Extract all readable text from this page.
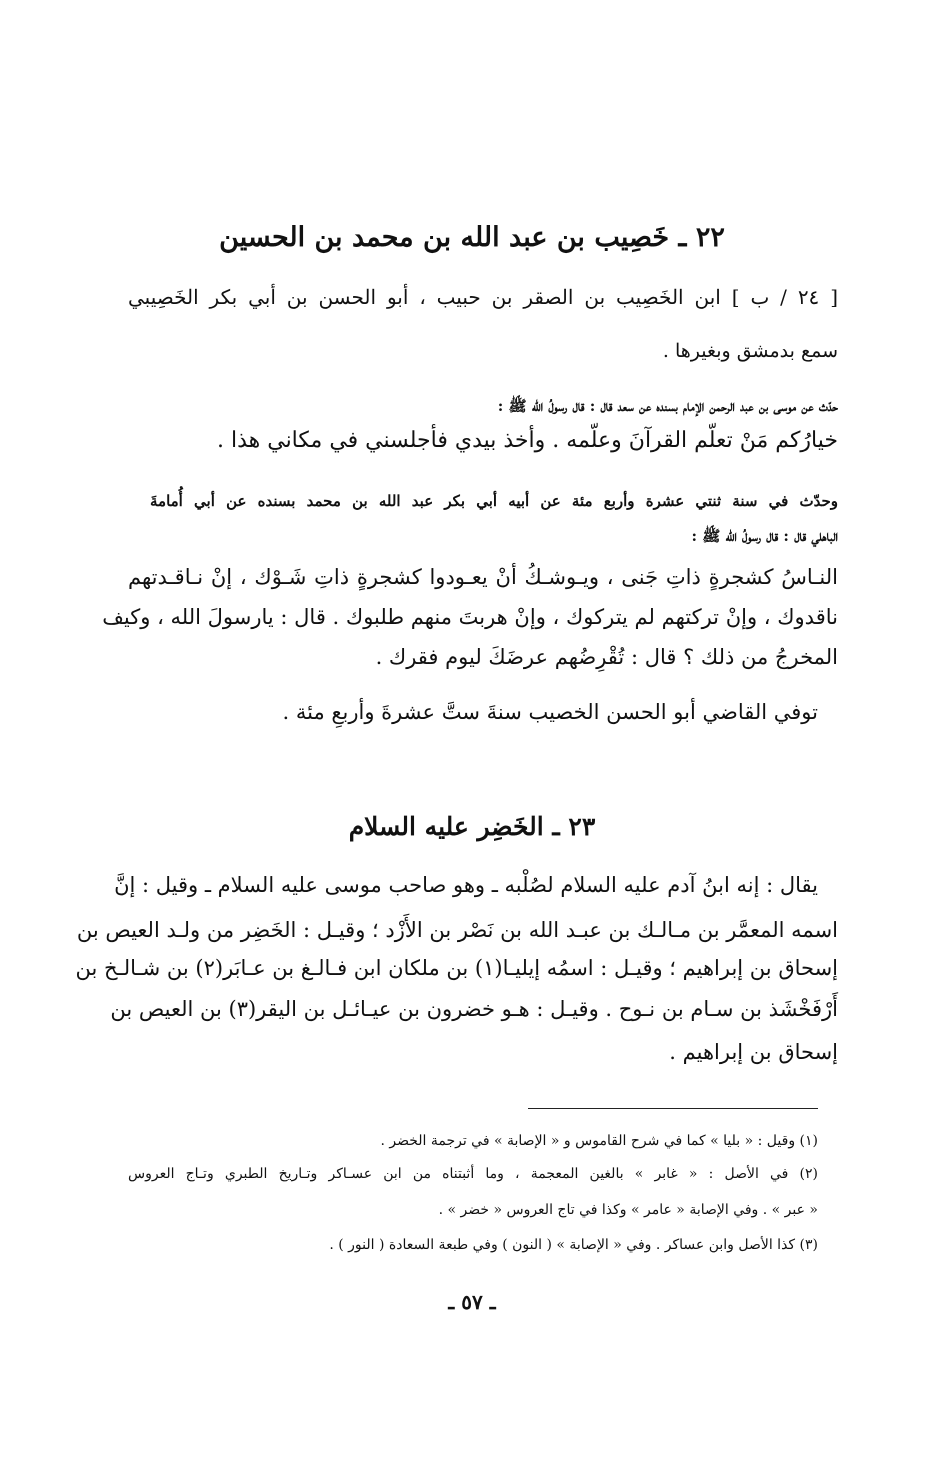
٢٢ ـ خَصِيب بن عبد الله بن محمد بن الحسين
[ ٢٤ / ب ] ابن الخَصِيب بن الصقر بن حبيب ، أبو الحسن بن أبي بكر الخَصِيبي
سمع بدمشق وبغيرها .
حدّث عن موسى بن عبد الرحمن الإمام بسنده عن سعد قال : قال رسولُ الله ﷺ :
خيارُكم مَنْ تعلّم القرآنَ وعلّمه . وأخذ بيدي فأجلسني في مكاني هذا .
وحدّث في سنة ثنتي عشرة وأربع مئة عن أبيه أبي بكر عبد الله بن محمد بسنده عن أبي أُمامةَ
الباهلي قال : قال رسولُ الله ﷺ :
النـاسُ كشجرةٍ ذاتِ جَنى ، ويـوشـكُ أنْ يعـودوا كشجرةٍ ذاتِ شَـوْك ، إنْ نـاقـدتهم
ناقدوك ، وإنْ تركتهم لم يتركوك ، وإنْ هربتَ منهم طلبوك . قال : يارسولَ الله ، وكيف
المخرجُ من ذلك ؟ قال : تُقْرِضُهم عرضَكَ ليوم فقرك .
توفي القاضي أبو الحسن الخصيب سنةَ ستَّ عشرةَ وأربعِ مئة .
٢٣ ـ الخَضِر عليه السلام
يقال : إنه ابنُ آدم عليه السلام لصُلْبه ـ وهو صاحب موسى عليه السلام ـ وقيل : إنَّ
اسمه المعمَّر بن مـالـك بن عبـد الله بن نَصْر بن الأَزْد ؛ وقيـل : الخَضِر من ولـد العيص بن
إسحاق بن إبراهيم ؛ وقيـل : اسمُه إيليـا(١) بن ملكان ابن فـالـغ بن عـابَر(٢) بن شـالـخ بن
أَرْفَخْشَذ بن سـام بن نـوح . وقيـل : هـو خضرون بن عيـائـل بن اليقر(٣) بن العيص بن
إسحاق بن إبراهيم .
(١) وقيل : « بليا » كما في شرح القاموس و « الإصابة » في ترجمة الخضر .
(٢) في الأصل : « غابر » بالغين المعجمة ، وما أثبتناه من ابن عسـاكر وتـاريخ الطبري وتـاج العروس
« عبر » . وفي الإصابة « عامر » وكذا في تاج العروس « خضر » .
(٣) كذا الأصل وابن عساكر . وفي « الإصابة » ( النون ) وفي طبعة السعادة ( النور ) .
ـ ٥٧ ـ
